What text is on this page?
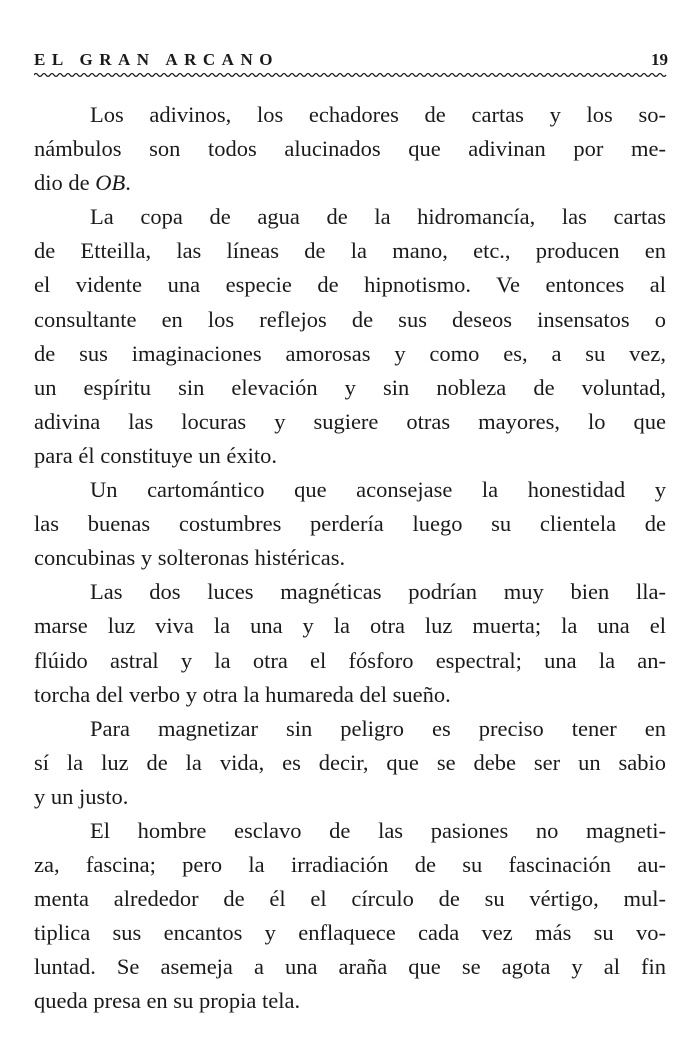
EL GRAN ARCANO	19
Los adivinos, los echadores de cartas y los so-
námbulos son todos alucinados que adivinan por me-
dio de OB.
La copa de agua de la hidromancía, las cartas
de Etteilla, las líneas de la mano, etc., producen en
el vidente una especie de hipnotismo. Ve entonces al
consultante en los reflejos de sus deseos insensatos o
de sus imaginaciones amorosas y como es, a su vez,
un espíritu sin elevación y sin nobleza de voluntad,
adivina las locuras y sugiere otras mayores, lo que
para él constituye un éxito.
Un cartomántico que aconsejase la honestidad y
las buenas costumbres perdería luego su clientela de
concubinas y solteronas histéricas.
Las dos luces magnéticas podrían muy bien lla-
marse luz viva la una y la otra luz muerta; la una el
flúido astral y la otra el fósforo espectral; una la an-
torcha del verbo y otra la humareda del sueño.
Para magnetizar sin peligro es preciso tener en
sí la luz de la vida, es decir, que se debe ser un sabio
y un justo.
El hombre esclavo de las pasiones no magneti-
za, fascina; pero la irradiación de su fascinación au-
menta alrededor de él el círculo de su vértigo, mul-
tiplica sus encantos y enflaquece cada vez más su vo-
luntad. Se asemeja a una araña que se agota y al fin
queda presa en su propia tela.
